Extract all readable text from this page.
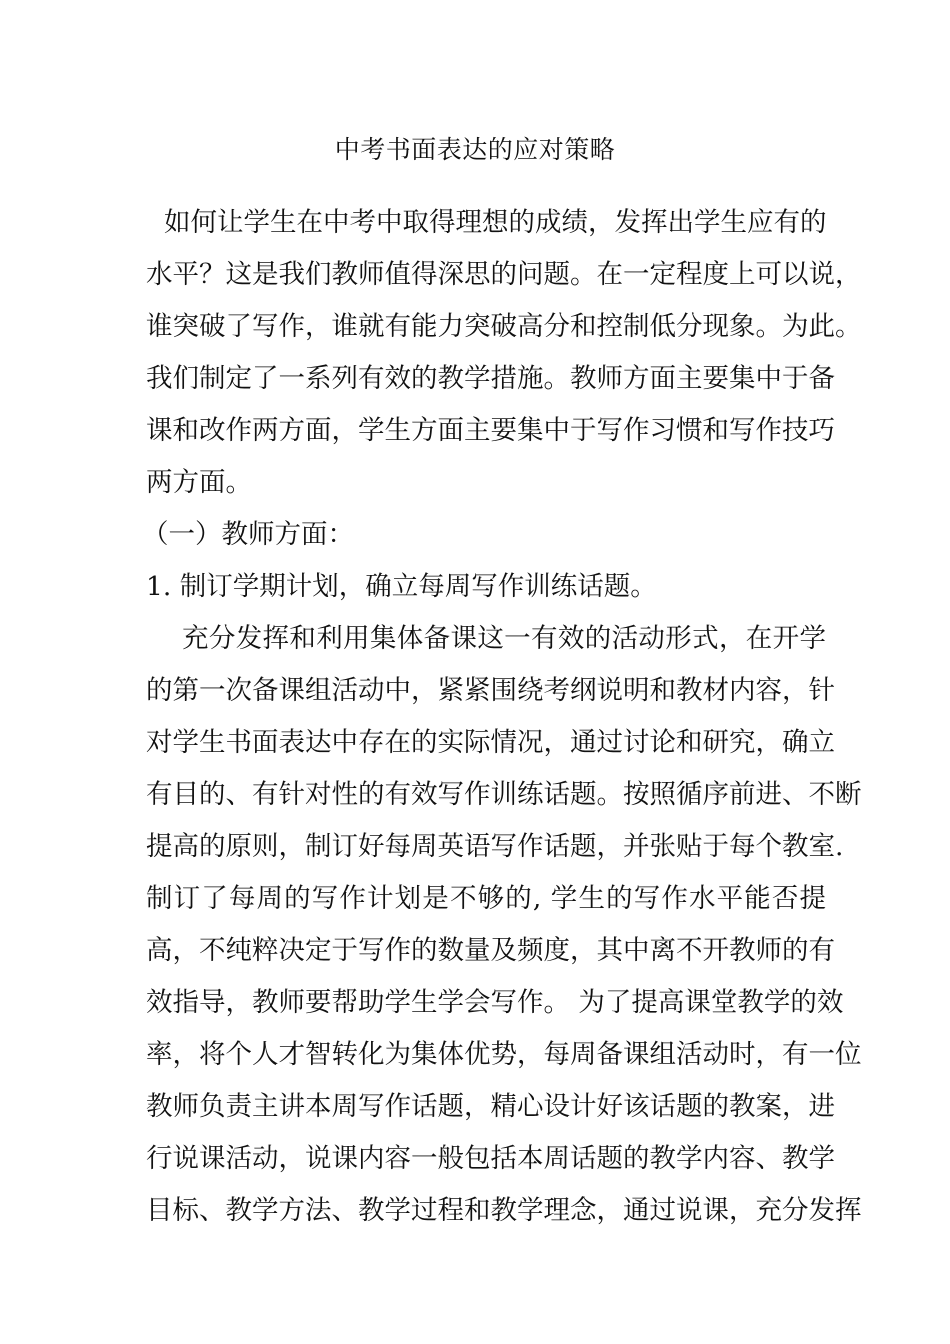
中考书面表达的应对策略
如何让学生在中考中取得理想的成绩，发挥出学生应有的
水平？这是我们教师值得深思的问题。在一定程度上可以说，
谁突破了写作，谁就有能力突破高分和控制低分现象。为此。
我们制定了一系列有效的教学措施。教师方面主要集中于备
课和改作两方面，学生方面主要集中于写作习惯和写作技巧
两方面。
（一）教师方面：
1. 制订学期计划，确立每周写作训练话题。
充分发挥和利用集体备课这一有效的活动形式，在开学
的第一次备课组活动中，紧紧围绕考纲说明和教材内容，针
对学生书面表达中存在的实际情况，通过讨论和研究，确立
有目的、有针对性的有效写作训练话题。按照循序前进、不断
提高的原则，制订好每周英语写作话题，并张贴于每个教室.
制订了每周的写作计划是不够的, 学生的写作水平能否提
高，不纯粹决定于写作的数量及频度，其中离不开教师的有
效指导，教师要帮助学生学会写作。 为了提高课堂教学的效
率，将个人才智转化为集体优势，每周备课组活动时，有一位
教师负责主讲本周写作话题，精心设计好该话题的教案，进
行说课活动，说课内容一般包括本周话题的教学内容、教学
目标、教学方法、教学过程和教学理念，通过说课，充分发挥
